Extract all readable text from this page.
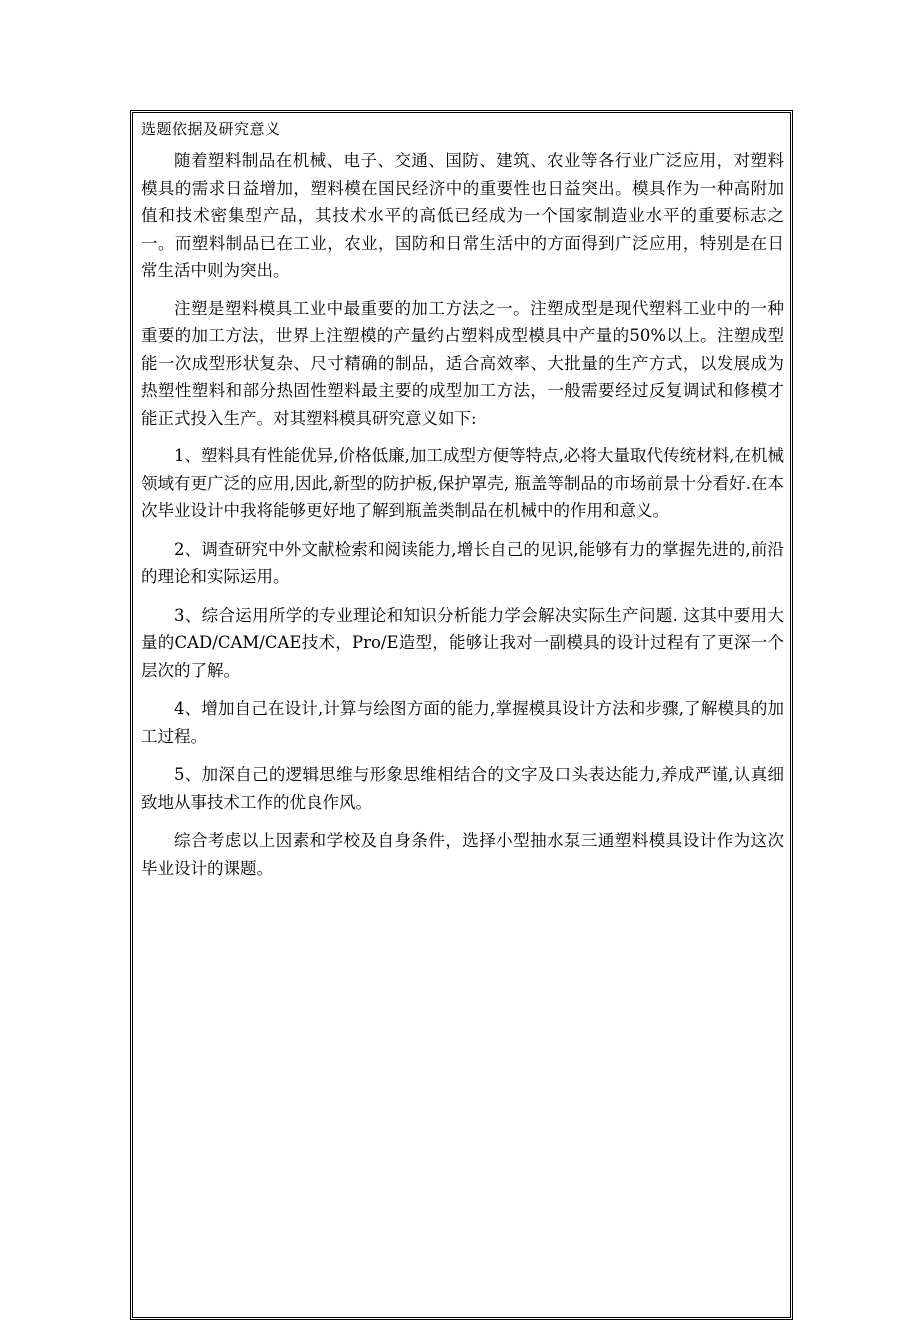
选题依据及研究意义

随着塑料制品在机械、电子、交通、国防、建筑、农业等各行业广泛应用，对塑料模具的需求日益增加，塑料模在国民经济中的重要性也日益突出。模具作为一种高附加值和技术密集型产品，其技术水平的高低已经成为一个国家制造业水平的重要标志之一。而塑料制品已在工业，农业，国防和日常生活中的方面得到广泛应用，特别是在日常生活中则为突出。

注塑是塑料模具工业中最重要的加工方法之一。注塑成型是现代塑料工业中的一种重要的加工方法，世界上注塑模的产量约占塑料成型模具中产量的50%以上。注塑成型能一次成型形状复杂、尺寸精确的制品，适合高效率、大批量的生产方式，以发展成为热塑性塑料和部分热固性塑料最主要的成型加工方法，一般需要经过反复调试和修模才能正式投入生产。对其塑料模具研究意义如下:

1、塑料具有性能优异,价格低廉,加工成型方便等特点,必将大量取代传统材料,在机械领域有更广泛的应用,因此,新型的防护板,保护罩壳, 瓶盖等制品的市场前景十分看好.在本次毕业设计中我将能够更好地了解到瓶盖类制品在机械中的作用和意义。

2、调查研究中外文献检索和阅读能力,增长自己的见识,能够有力的掌握先进的,前沿的理论和实际运用。

3、综合运用所学的专业理论和知识分析能力学会解决实际生产问题. 这其中要用大量的CAD/CAM/CAE技术，Pro/E造型，能够让我对一副模具的设计过程有了更深一个层次的了解。

4、增加自己在设计,计算与绘图方面的能力,掌握模具设计方法和步骤,了解模具的加工过程。

5、加深自己的逻辑思维与形象思维相结合的文字及口头表达能力,养成严谨,认真细致地从事技术工作的优良作风。

综合考虑以上因素和学校及自身条件，选择小型抽水泵三通塑料模具设计作为这次毕业设计的课题。
